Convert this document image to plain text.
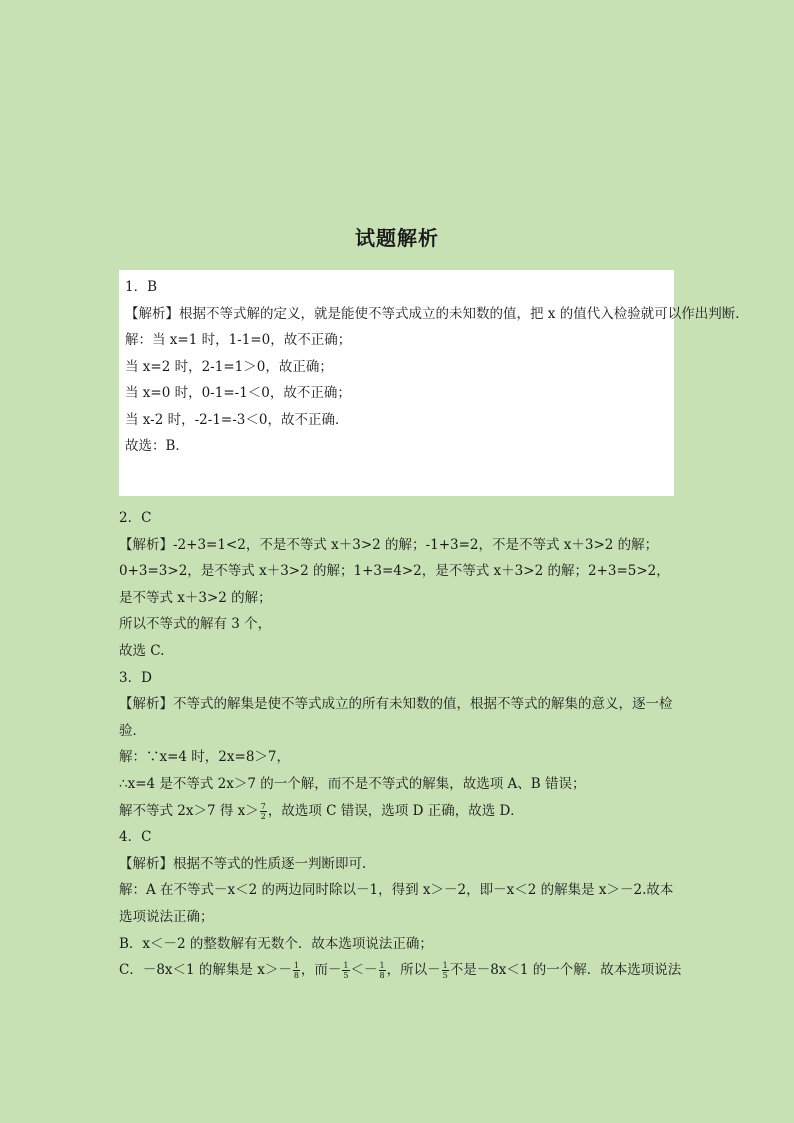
试题解析
1．B
【解析】根据不等式解的定义，就是能使不等式成立的未知数的值，把 x 的值代入检验就可以作出判断．
解：当 x=1 时，1-1=0，故不正确；
当 x=2 时，2-1=1＞0，故正确；
当 x=0 时，0-1=-1＜0，故不正确；
当 x-2 时，-2-1=-3＜0，故不正确．
故选：B．
2．C
【解析】-2+3=1<2，不是不等式 x＋3>2 的解；-1+3=2，不是不等式 x＋3>2 的解；0+3=3>2，是不等式 x＋3>2 的解；1+3=4>2，是不等式 x＋3>2 的解；2+3=5>2，是不等式 x＋3>2 的解；
所以不等式的解有 3 个，
故选 C.
3．D
【解析】不等式的解集是使不等式成立的所有未知数的值，根据不等式的解集的意义，逐一检验．
解：∵x=4 时，2x=8＞7，
∴x=4 是不等式 2x＞7 的一个解，而不是不等式的解集，故选项 A、B 错误；
解不等式 2x＞7 得 $x> \frac{7}{2}$ ，故选项 C 错误，选项 D 正确，故选 D．
4．C
【解析】根据不等式的性质逐一判断即可.
解：A 在不等式－x＜2 的两边同时除以－1，得到 x＞－2，即－x＜2 的解集是 x＞－2.故本选项说法正确；
B．x＜－2 的整数解有无数个．故本选项说法正确；
C．－8x＜1 的解集是 $x>- \frac{1}{8}$ ，而－ $\frac{1}{5} <- \frac{1}{8}$ ，所以－ $\frac{1}{5}$ 不是－8x＜1 的一个解．故本选项说法
